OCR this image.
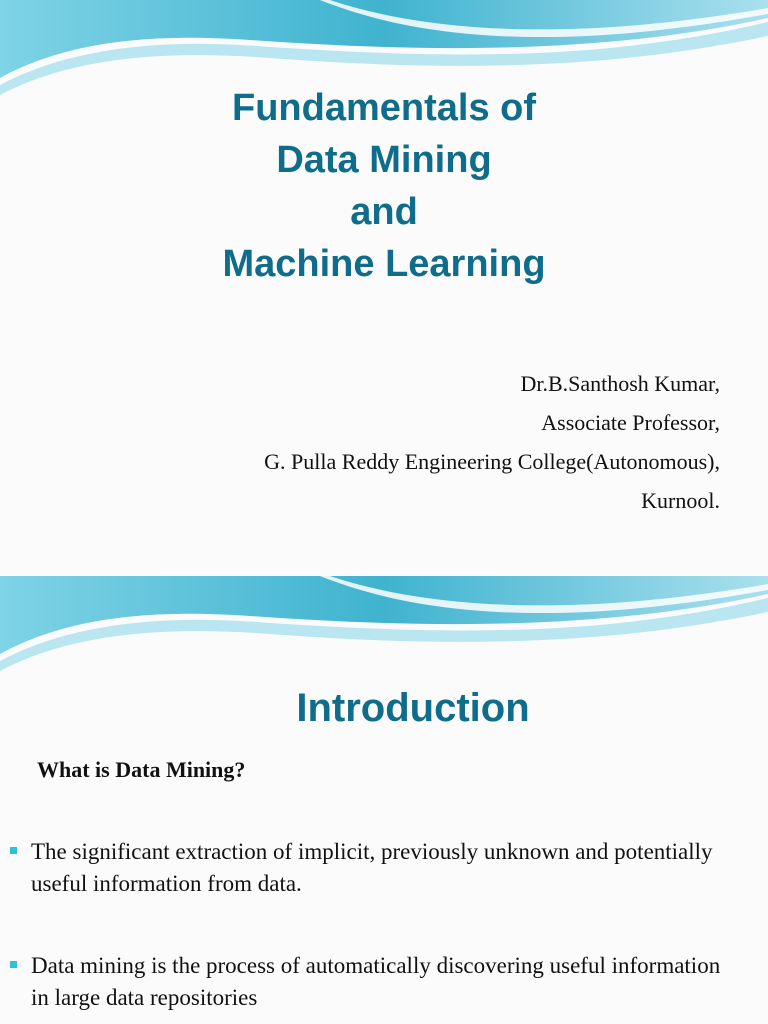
Fundamentals of
Data Mining
and
Machine Learning
Dr.B.Santhosh Kumar,
Associate Professor,
G. Pulla Reddy Engineering College(Autonomous),
Kurnool.
Introduction
What is Data Mining?
The significant extraction of implicit, previously unknown and potentially useful information from data.
Data mining is the process of automatically discovering useful information in large data repositories
